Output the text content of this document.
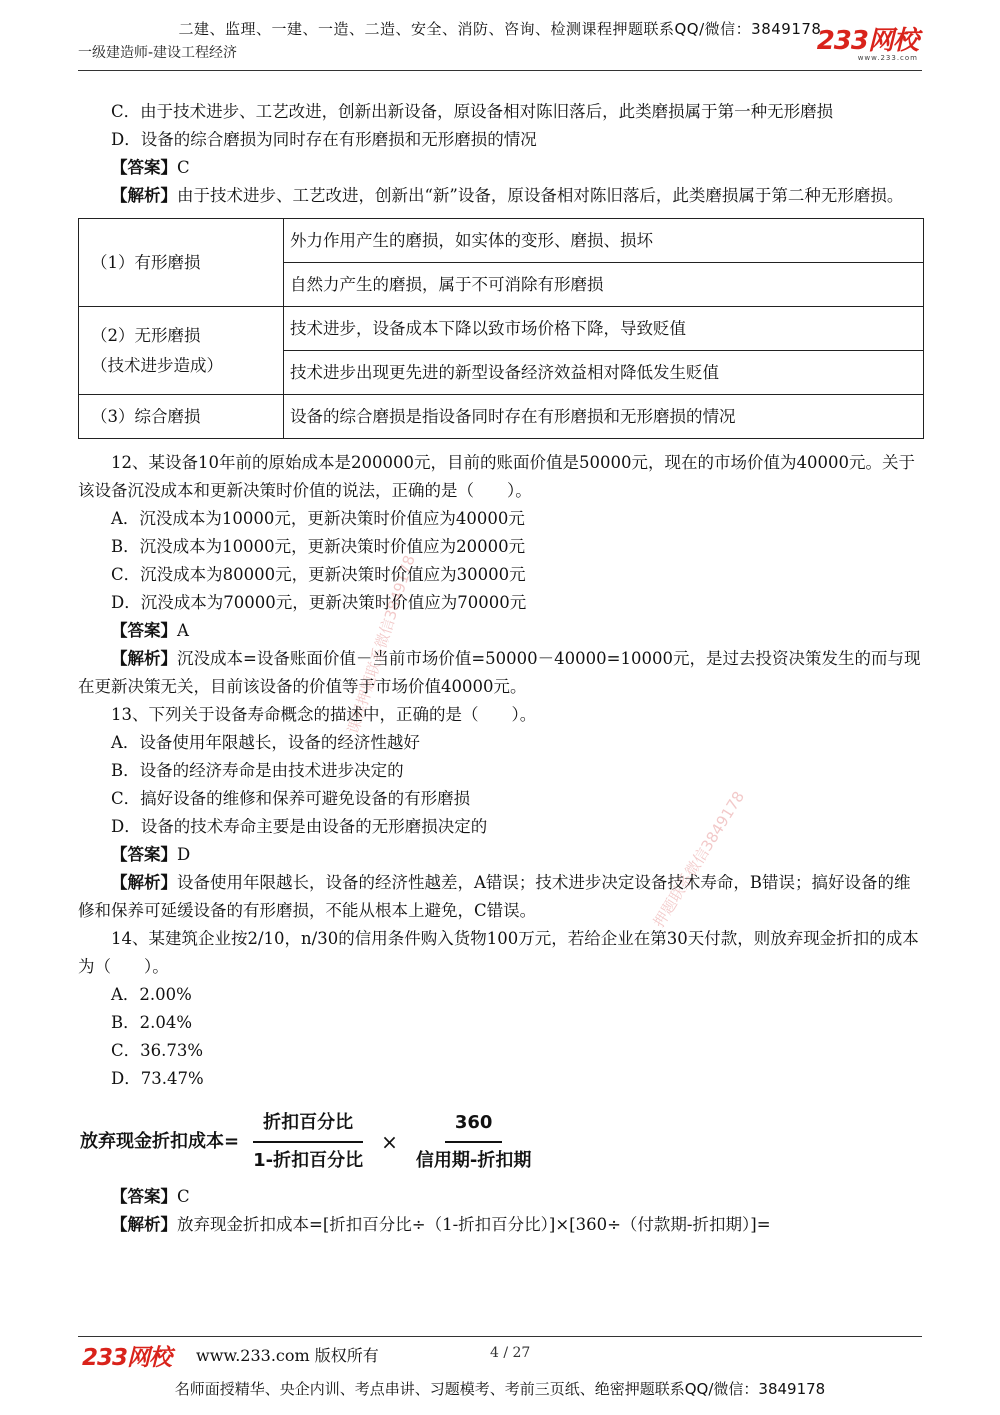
二建、监理、一建、一造、二造、安全、消防、咨询、检测课程押题联系QQ/微信：3849178
一级建造师-建设工程经济	233网校
www.233.com
课程押题联系微信3849178
押题联系微信3849178

C．由于技术进步、工艺改进，创新出新设备，原设备相对陈旧落后，此类磨损属于第一种无形磨损

D．设备的综合磨损为同时存在有形磨损和无形磨损的情况

【答案】C

【解析】由于技术进步、工艺改进，创新出“新”设备，原设备相对陈旧落后，此类磨损属于第二种无形磨损。

（1）有形磨损	外力作用产生的磨损，如实体的变形、磨损、损坏
	自然力产生的磨损，属于不可消除有形磨损

（2）无形磨损
（技术进步造成）	技术进步，设备成本下降以致市场价格下降，导致贬值
	技术进步出现更先进的新型设备经济效益相对降低发生贬值
（3）综合磨损	设备的综合磨损是指设备同时存在有形磨损和无形磨损的情况

12、某设备10年前的原始成本是200000元，目前的账面价值是50000元，现在的市场价值为40000元。关于该设备沉没成本和更新决策时价值的说法，正确的是（　　）。

A．沉没成本为10000元，更新决策时价值应为40000元

B．沉没成本为10000元，更新决策时价值应为20000元

C．沉没成本为80000元，更新决策时价值应为30000元

D．沉没成本为70000元，更新决策时价值应为70000元

【答案】A

【解析】沉没成本=设备账面价值－当前市场价值=50000－40000=10000元，是过去投资决策发生的而与现在更新决策无关，目前该设备的价值等于市场价值40000元。

13、下列关于设备寿命概念的描述中，正确的是（　　）。

A．设备使用年限越长，设备的经济性越好

B．设备的经济寿命是由技术进步决定的

C．搞好设备的维修和保养可避免设备的有形磨损

D．设备的技术寿命主要是由设备的无形磨损决定的

【答案】D

【解析】设备使用年限越长，设备的经济性越差，A错误；技术进步决定设备技术寿命，B错误；搞好设备的维修和保养可延缓设备的有形磨损，不能从根本上避免，C错误。

14、某建筑企业按2/10，n/30的信用条件购入货物100万元，若给企业在第30天付款，则放弃现金折扣的成本为（　　）。

A．2.00%

B．2.04%

C．36.73%

D．73.47%

放弃现金折扣成本= $\frac{\text{折扣百分比}}{\text{1-折扣百分比}} \times \frac{360}{\text{信用期-折扣期}}$

【答案】C

【解析】放弃现金折扣成本=[折扣百分比÷（1-折扣百分比）]×[360÷（付款期-折扣期）]=

233网校 www.233.com 版权所有	4 / 27
名师面授精华、央企内训、考点串讲、习题模考、考前三页纸、绝密押题联系QQ/微信：3849178
